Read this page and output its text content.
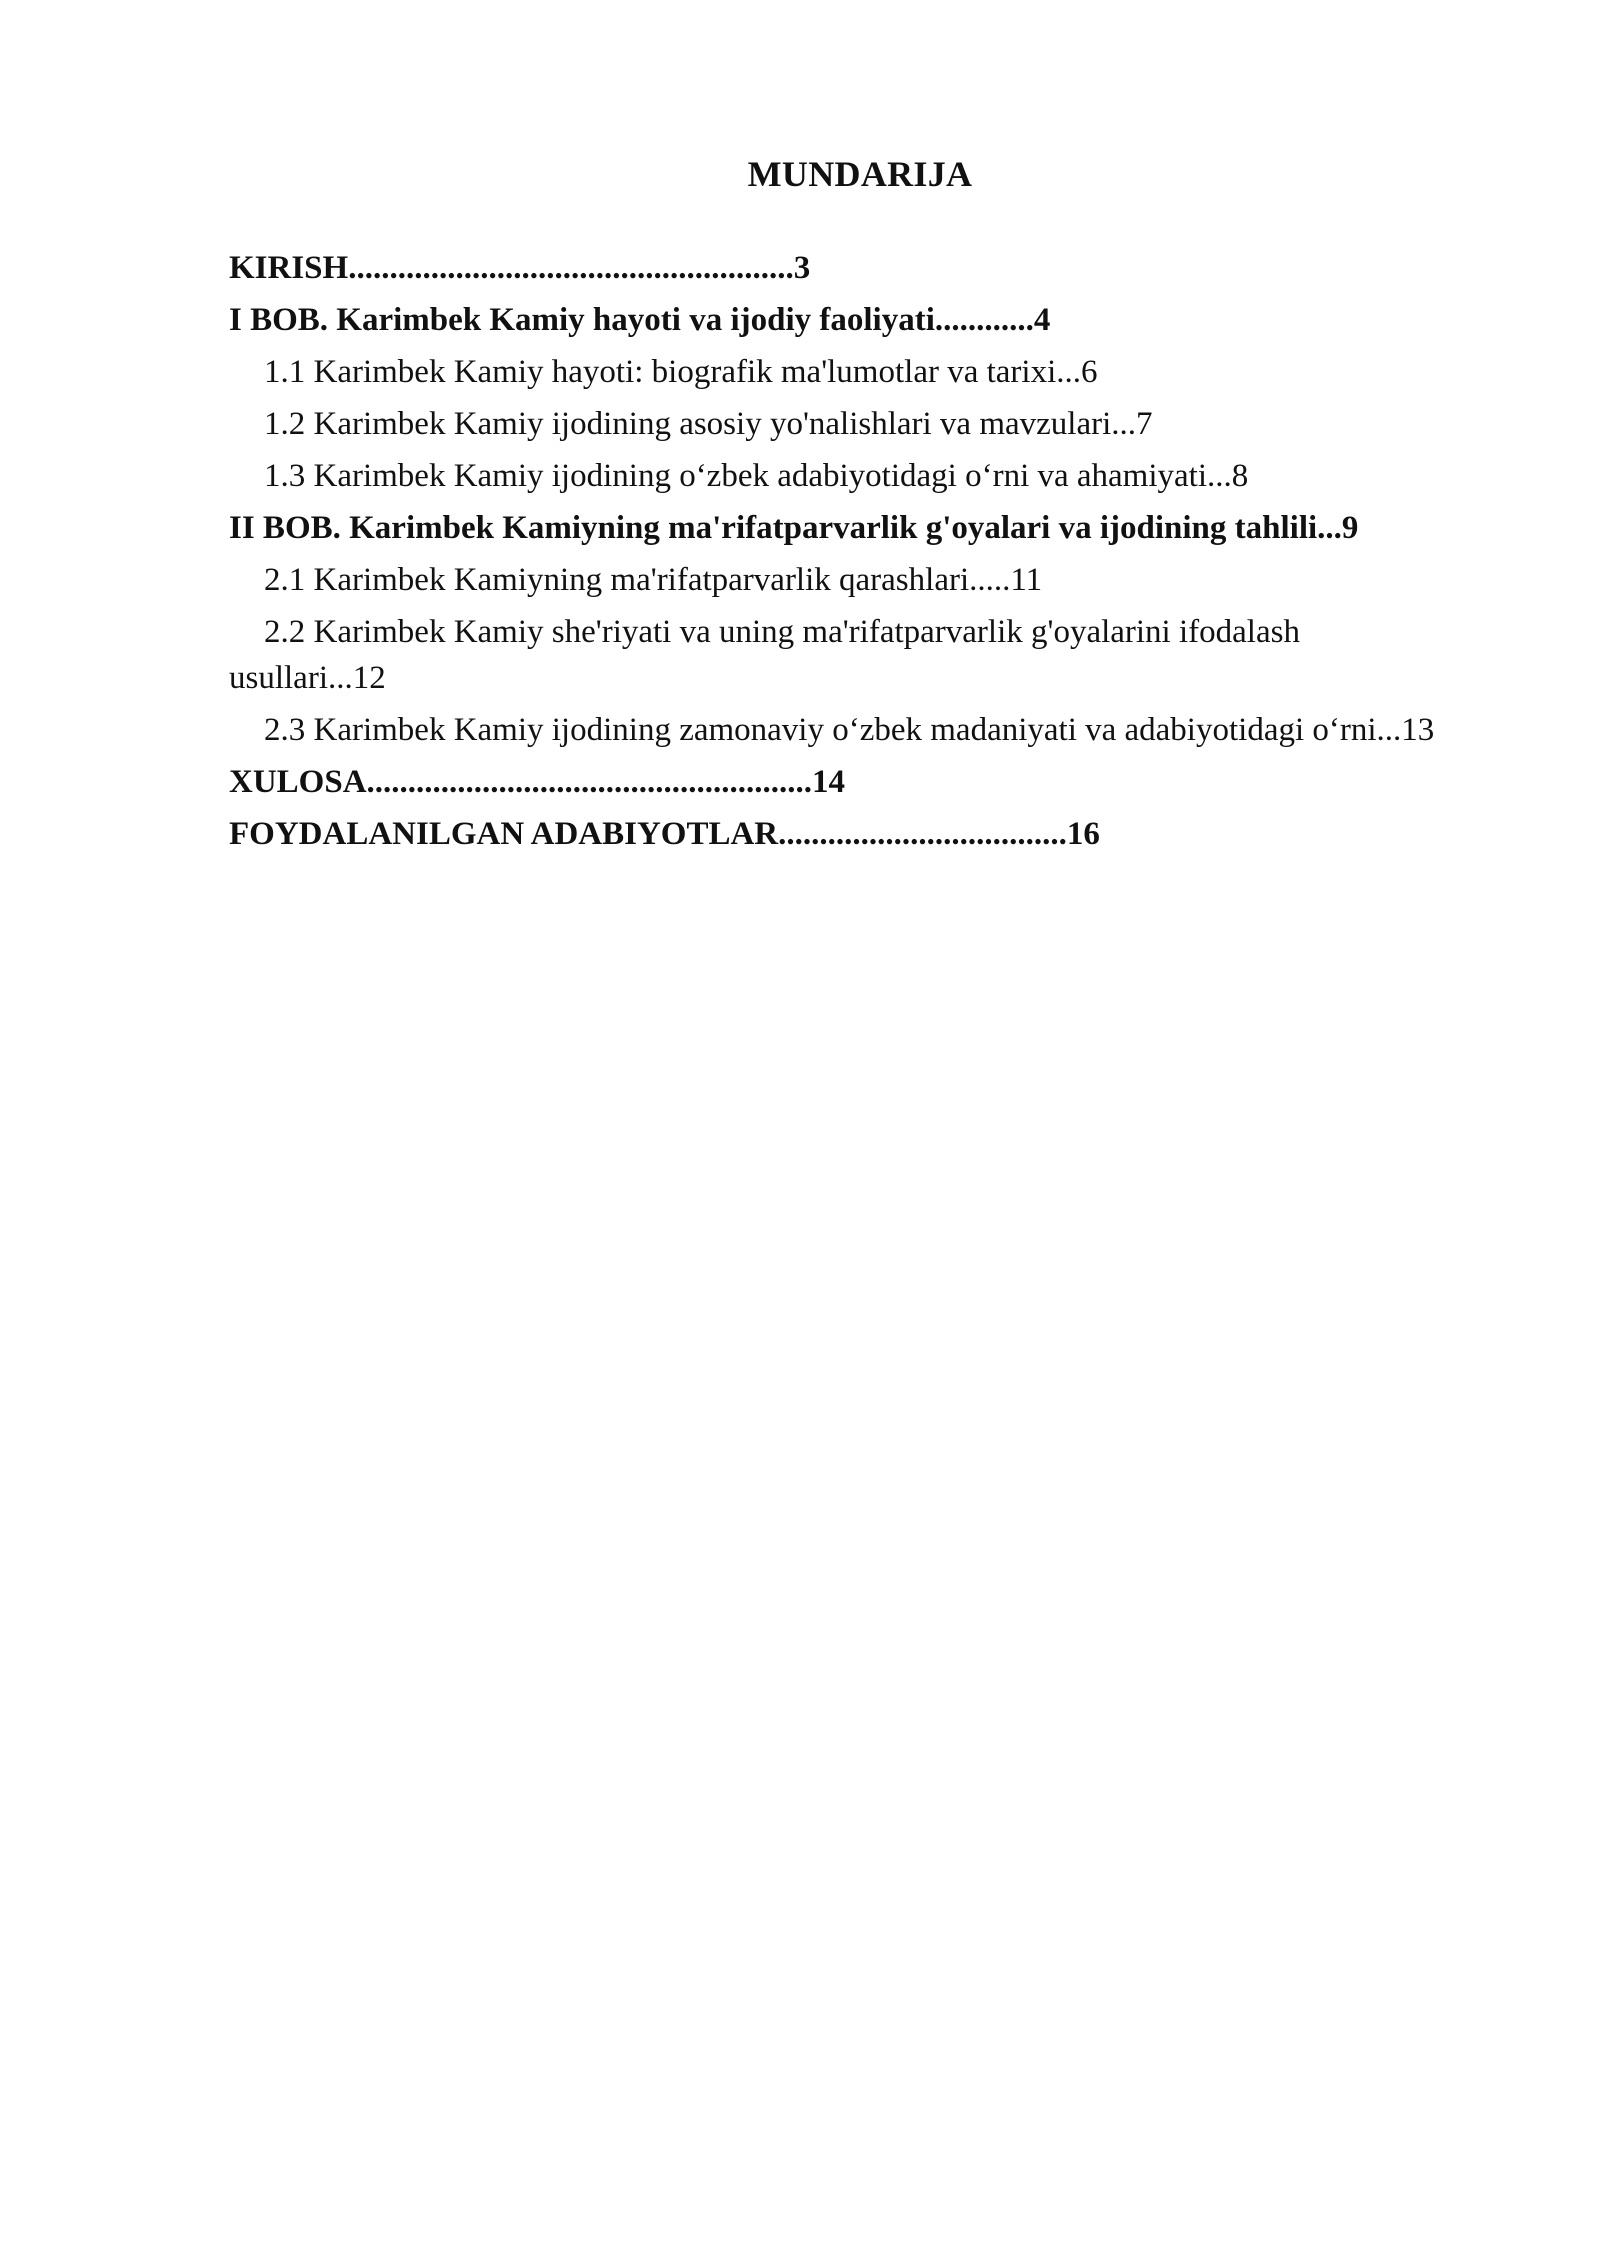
MUNDARIJA
KIRISH......................................................3
I BOB. Karimbek Kamiy hayoti va ijodiy faoliyati............4
1.1 Karimbek Kamiy hayoti: biografik ma'lumotlar va tarixi...6
1.2 Karimbek Kamiy ijodining asosiy yo'nalishlari va mavzulari...7
1.3 Karimbek Kamiy ijodining o‘zbek adabiyotidagi o‘rni va ahamiyati...8
II BOB. Karimbek Kamiyning ma'rifatparvarlik g'oyalari va ijodining tahlili...9
2.1 Karimbek Kamiyning ma'rifatparvarlik qarashlari.....11
2.2 Karimbek Kamiy she'riyati va uning ma'rifatparvarlik g'oyalarini ifodalash usullari...12
2.3 Karimbek Kamiy ijodining zamonaviy o‘zbek madaniyati va adabiyotidagi o‘rni...13
XULOSA......................................................14
FOYDALANILGAN ADABIYOTLAR...................................16
